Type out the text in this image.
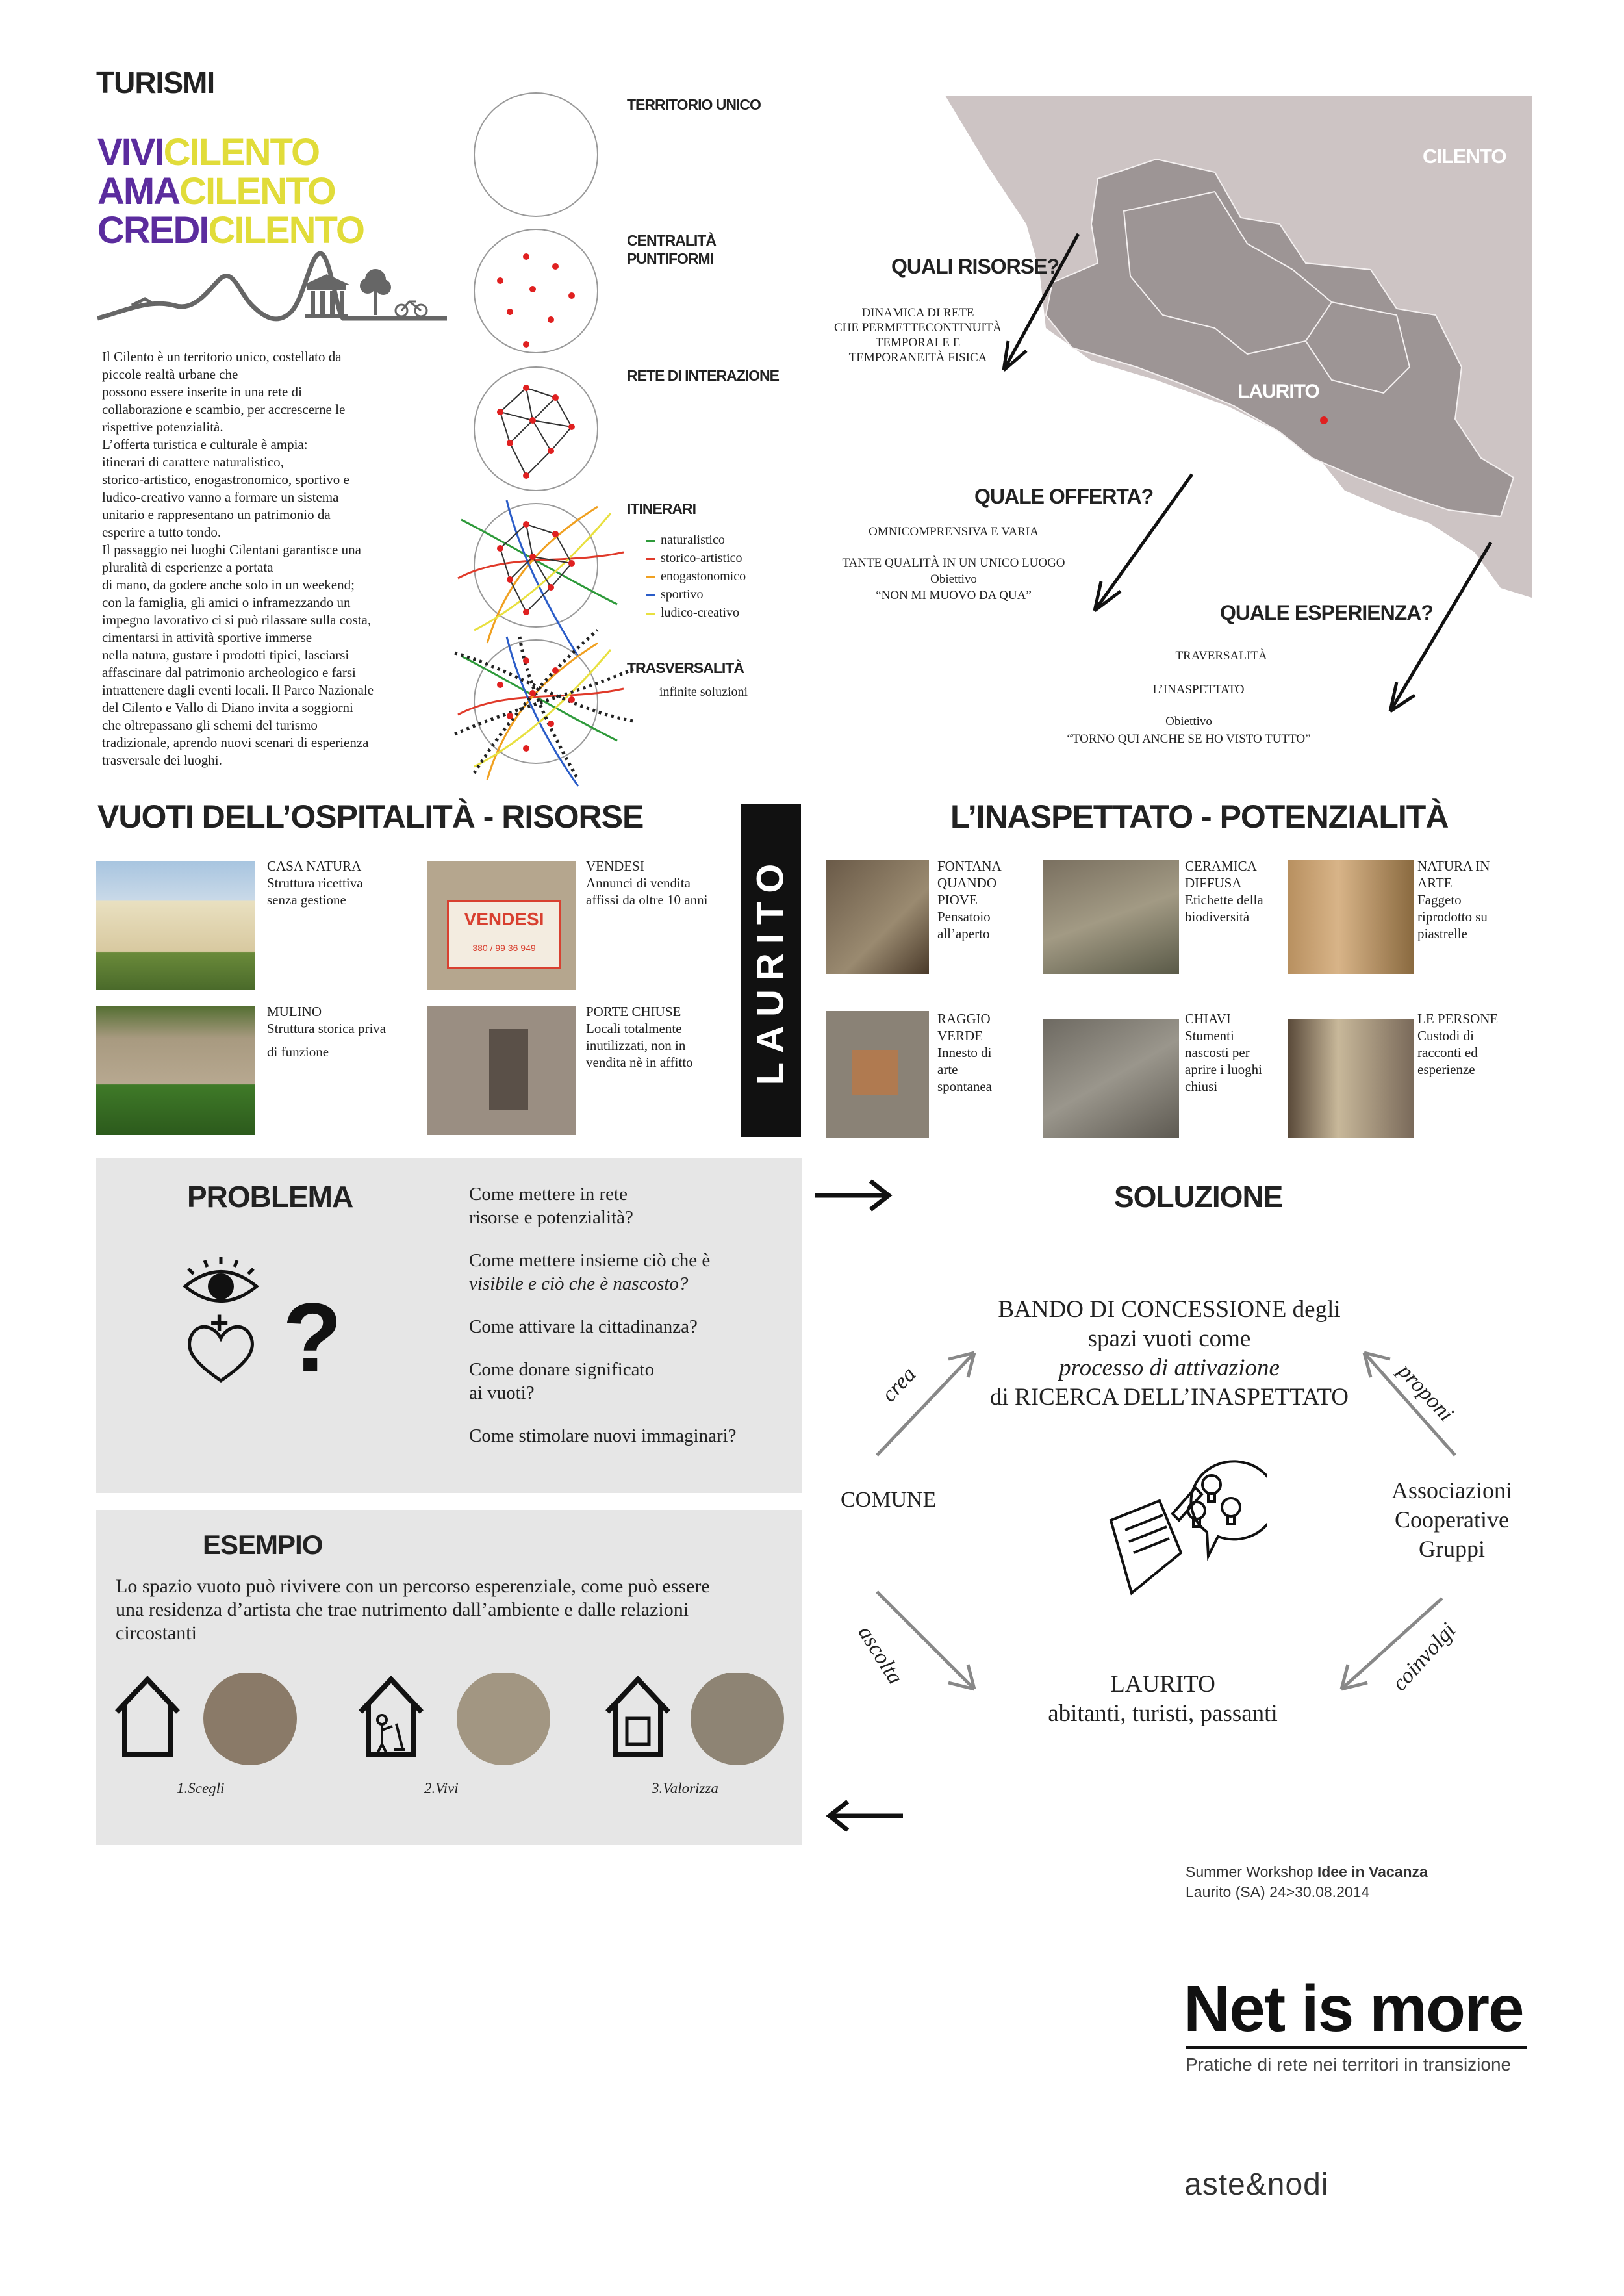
TURISMI
VIVICILENTO
AMACILENTO
CREDICILENTO
Il Cilento è un territorio unico, costellato da
piccole realtà urbane che
possono essere inserite in una rete di
collaborazione e scambio, per accrescerne le
rispettive potenzialità.
L’offerta turistica e culturale è ampia:
itinerari di carattere naturalistico,
storico-artistico, enogastronomico, sportivo e
ludico-creativo vanno a formare un sistema
unitario e rappresentano un patrimonio da
esperire a tutto tondo.
Il passaggio nei luoghi Cilentani garantisce una
pluralità di esperienze a portata
di mano, da godere anche solo in un weekend;
con la famiglia, gli amici o inframezzando un
impegno lavorativo ci si può rilassare sulla costa,
cimentarsi in attività sportive immerse
nella natura, gustare i prodotti tipici, lasciarsi
affascinare dal patrimonio archeologico e farsi
intrattenere dagli eventi locali. Il Parco Nazionale
del Cilento e Vallo di Diano invita a soggiorni
che oltrepassano gli schemi del turismo
tradizionale, aprendo nuovi scenari di esperienza
trasversale dei luoghi.
TERRITORIO UNICO
CENTRALITÀ
PUNTIFORMI
RETE DI INTERAZIONE
ITINERARI
naturalistico
storico-artistico
enogastonomico
sportivo
ludico-creativo
TRASVERSALITÀ
infinite soluzioni
CILENTO
LAURITO
QUALI RISORSE?
DINAMICA DI RETE
CHE PERMETTECONTINUITÀ
TEMPORALE E
TEMPORANEITÀ FISICA
QUALE OFFERTA?
OMNICOMPRENSIVA E VARIA
TANTE QUALITÀ IN UN UNICO LUOGO
Obiettivo
“NON MI MUOVO DA QUA”
QUALE ESPERIENZA?
TRAVERSALITÀ
L’INASPETTATO
Obiettivo
“TORNO QUI ANCHE SE HO VISTO TUTTO”
VUOTI DELL’OSPITALITÀ - RISORSE
CASA NATURA
Struttura ricettiva
senza gestione
VENDESI
380 / 99 36 949
VENDESI
Annunci di vendita
affissi da oltre 10 anni
MULINO
Struttura storica priva
di funzione
PORTE CHIUSE
Locali totalmente
inutilizzati, non in
vendita nè in affitto LAURITO
L’INASPETTATO - POTENZIALITÀ
FONTANA
QUANDO
PIOVE
Pensatoio
all’aperto
CERAMICA
DIFFUSA
Etichette della
biodiversità
NATURA IN
ARTE
Faggeto
riprodotto su
piastrelle
RAGGIO
VERDE
Innesto di
arte
spontanea
CHIAVI
Stumenti
nascosti per
aprire i luoghi
chiusi
LE PERSONE
Custodi di
racconti ed
esperienze
PROBLEMA
+ ?
Come mettere in rete
risorse e potenzialità?
Come mettere insieme ciò che è
visibile e ciò che è nascosto?
Come attivare la cittadinanza?
Come donare significato
ai vuoti?
Come stimolare nuovi immaginari?
ESEMPIO
Lo spazio vuoto può rivivere con un percorso esperenziale, come può essere
una residenza d’artista che trae nutrimento dall’ambiente e dalle relazioni
circostanti
1.Scegli	2.Vivi	3.Valorizza
SOLUZIONE
BANDO DI CONCESSIONE degli
spazi vuoti come
processo di attivazione
di RICERCA DELL’INASPETTATO
COMUNE	Associazioni
Cooperative
Gruppi
LAURITO
abitanti, turisti, passanti
crea	proponi
ascolta	coinvolgi
Summer Workshop Idee in Vacanza
Laurito (SA) 24>30.08.2014
Net is more
Pratiche di rete nei territori in transizione
aste&nodi
